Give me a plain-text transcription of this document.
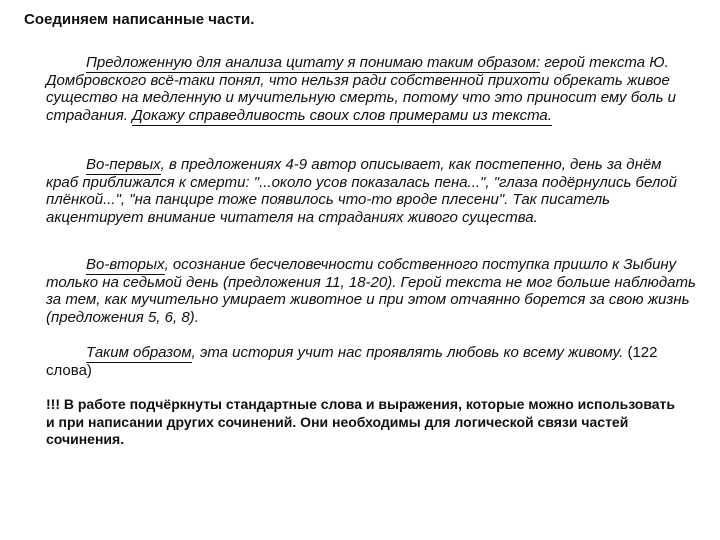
Соединяем написанные части.

Предложенную для анализа цитату я понимаю таким образом: герой текста Ю. Домбровского всё-таки понял, что нельзя ради собственной прихоти обрекать живое существо на медленную и мучительную смерть, потому что это приносит ему боль и страдания. Докажу справедливость своих слов примерами из текста.

Во-первых, в предложениях 4-9 автор описывает, как постепенно, день за днём краб приближался к смерти: "...около усов показалась пена...", "глаза подёрнулись белой плёнкой...", "на панцире тоже появилось что-то вроде плесени". Так писатель акцентирует внимание читателя на страданиях живого существа.

Во-вторых, осознание бесчеловечности собственного поступка пришло к Зыбину только на седьмой день (предложения 11, 18-20). Герой текста не мог больше наблюдать за тем, как мучительно умирает животное и при этом отчаянно борется за свою жизнь (предложения 5, 6, 8).

Таким образом, эта история учит нас проявлять любовь ко всему живому. (122 слова)

!!! В работе подчёркнуты стандартные слова и выражения, которые можно использовать и при написании других сочинений. Они необходимы для логической связи частей сочинения.
